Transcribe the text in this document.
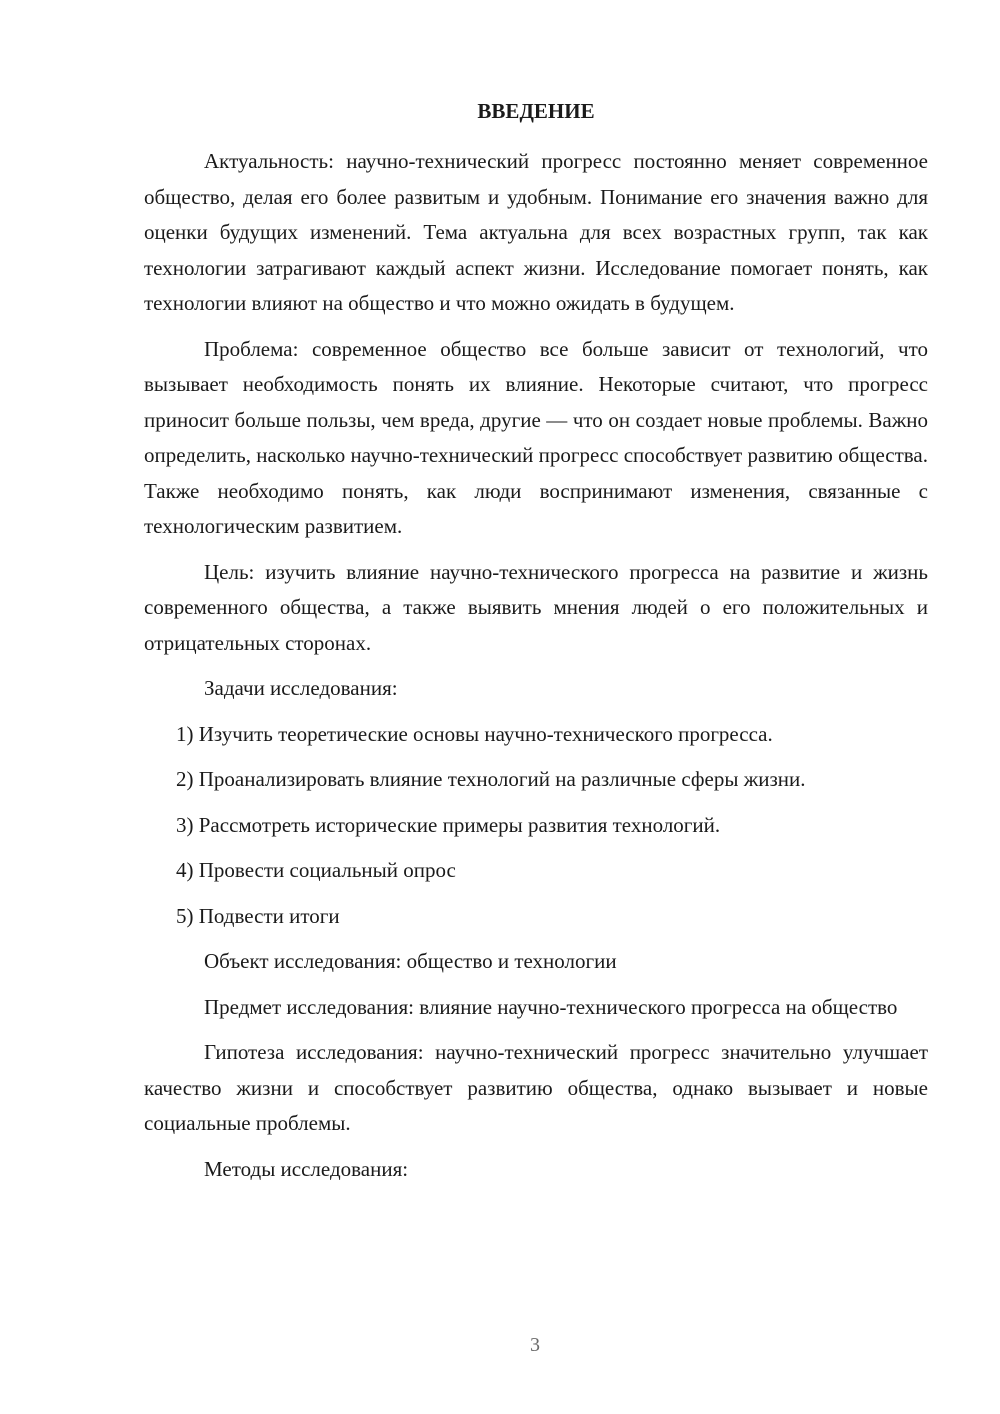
ВВЕДЕНИЕ

Актуальность: научно-технический прогресс постоянно меняет современное общество, делая его более развитым и удобным. Понимание его значения важно для оценки будущих изменений. Тема актуальна для всех возрастных групп, так как технологии затрагивают каждый аспект жизни. Исследование помогает понять, как технологии влияют на общество и что можно ожидать в будущем.

Проблема: современное общество все больше зависит от технологий, что вызывает необходимость понять их влияние. Некоторые считают, что прогресс приносит больше пользы, чем вреда, другие — что он создает новые проблемы. Важно определить, насколько научно-технический прогресс способствует развитию общества. Также необходимо понять, как люди воспринимают изменения, связанные с технологическим развитием.

Цель: изучить влияние научно-технического прогресса на развитие и жизнь современного общества, а также выявить мнения людей о его положительных и отрицательных сторонах.

Задачи исследования:

1) Изучить теоретические основы научно-технического прогресса.
2) Проанализировать влияние технологий на различные сферы жизни.
3) Рассмотреть исторические примеры развития технологий.
4) Провести социальный опрос
5) Подвести итоги

Объект исследования: общество и технологии

Предмет исследования: влияние научно-технического прогресса на общество

Гипотеза исследования: научно-технический прогресс значительно улучшает качество жизни и способствует развитию общества, однако вызывает и новые социальные проблемы.

Методы исследования:

3
